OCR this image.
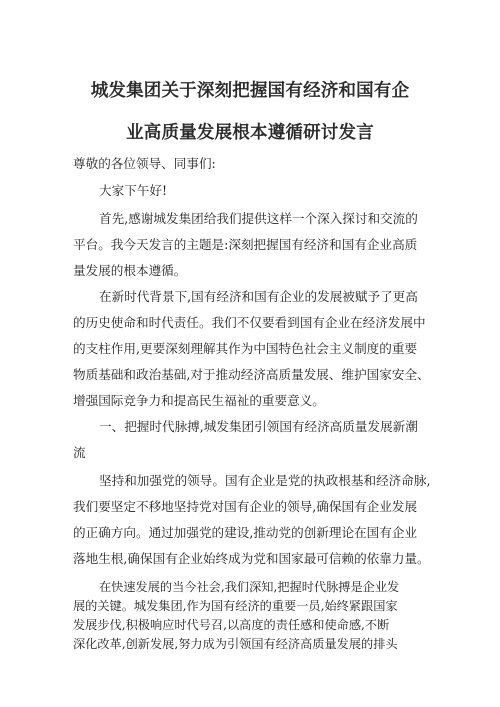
城发集团关于深刻把握国有经济和国有企
业高质量发展根本遵循研讨发言
尊敬的各位领导、同事们:
大家下午好!
首先,感谢城发集团给我们提供这样一个深入探讨和交流的
平台。我今天发言的主题是:深刻把握国有经济和国有企业高质
量发展的根本遵循。
在新时代背景下,国有经济和国有企业的发展被赋予了更高
的历史使命和时代责任。我们不仅要看到国有企业在经济发展中
的支柱作用,更要深刻理解其作为中国特色社会主义制度的重要
物质基础和政治基础,对于推动经济高质量发展、维护国家安全、
增强国际竞争力和提高民生福祉的重要意义。
一、把握时代脉搏,城发集团引领国有经济高质量发展新潮
流
坚持和加强党的领导。国有企业是党的执政根基和经济命脉,
我们要坚定不移地坚持党对国有企业的领导,确保国有企业发展
的正确方向。通过加强党的建设,推动党的创新理论在国有企业
落地生根,确保国有企业始终成为党和国家最可信赖的依靠力量。
在快速发展的当今社会,我们深知,把握时代脉搏是企业发
展的关键。城发集团,作为国有经济的重要一员,始终紧跟国家
发展步伐,积极响应时代号召,以高度的责任感和使命感,不断
深化改革,创新发展,努力成为引领国有经济高质量发展的排头
